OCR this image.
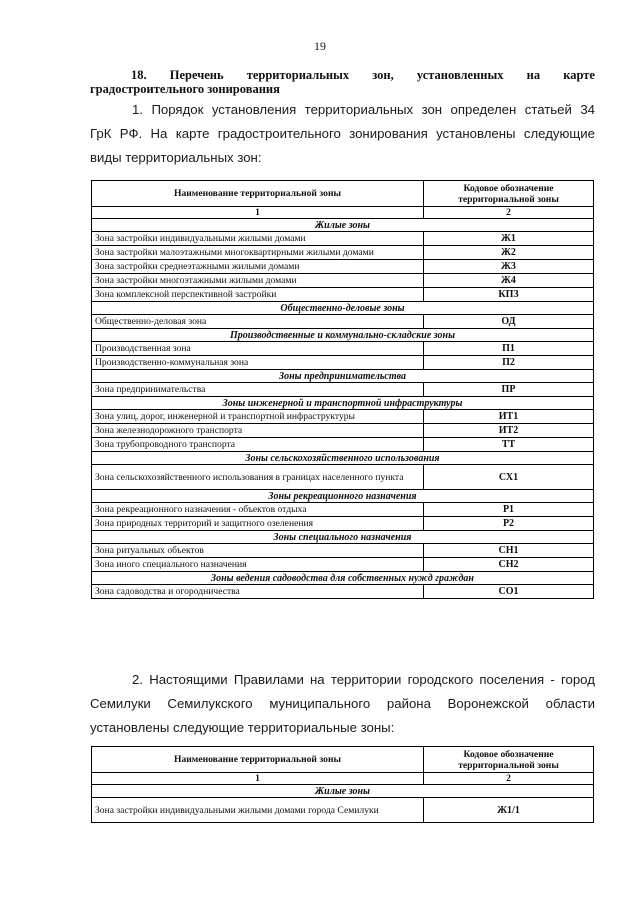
19
18. Перечень территориальных зон, установленных на карте
градостроительного зонирования
1. Порядок установления территориальных зон определен статьей 34
ГрК РФ. На карте градостроительного зонирования установлены следующие
виды территориальных зон:
Наименование территориальной зоны	Кодовое обозначение территориальной зоны
1	2
Жилые зоны	
Зона застройки индивидуальными жилыми домами	Ж1
Зона застройки малоэтажными многоквартирными жилыми домами	Ж2
Зона застройки среднеэтажными жилыми домами	Ж3
Зона застройки многоэтажными жилыми домами	Ж4
Зона комплексной перспективной застройки	КПЗ
Общественно-деловые зоны	
Общественно-деловая зона	ОД
Производственные и коммунально-складские зоны	
Производственная зона	П1
Производственно-коммунальная зона	П2
Зоны предпринимательства	
Зона предпринимательства	ПР
Зоны инженерной и транспортной инфраструктуры	
Зона улиц, дорог, инженерной и транспортной инфраструктуры	ИТ1
Зона железнодорожного транспорта	ИТ2
Зона трубопроводного транспорта	ТТ
Зоны сельскохозяйственного использования	
Зона сельскохозяйственного использования в границах населенного пункта	СХ1
Зоны рекреационного назначения	
Зона рекреационного назначения - объектов отдыха	Р1
Зона природных территорий и защитного озеленения	Р2
Зоны специального назначения	
Зона ритуальных объектов	СН1
Зона иного специального назначения	СН2
Зоны ведения садоводства для собственных нужд граждан	
Зона садоводства и огородничества	СО1
2. Настоящими Правилами на территории городского поселения - город
Семилуки Семилукского муниципального района Воронежской области
установлены следующие территориальные зоны:
Наименование территориальной зоны	Кодовое обозначение территориальной зоны
1	2
Жилые зоны	
Зона застройки индивидуальными жилыми домами города Семилуки	Ж1/1
